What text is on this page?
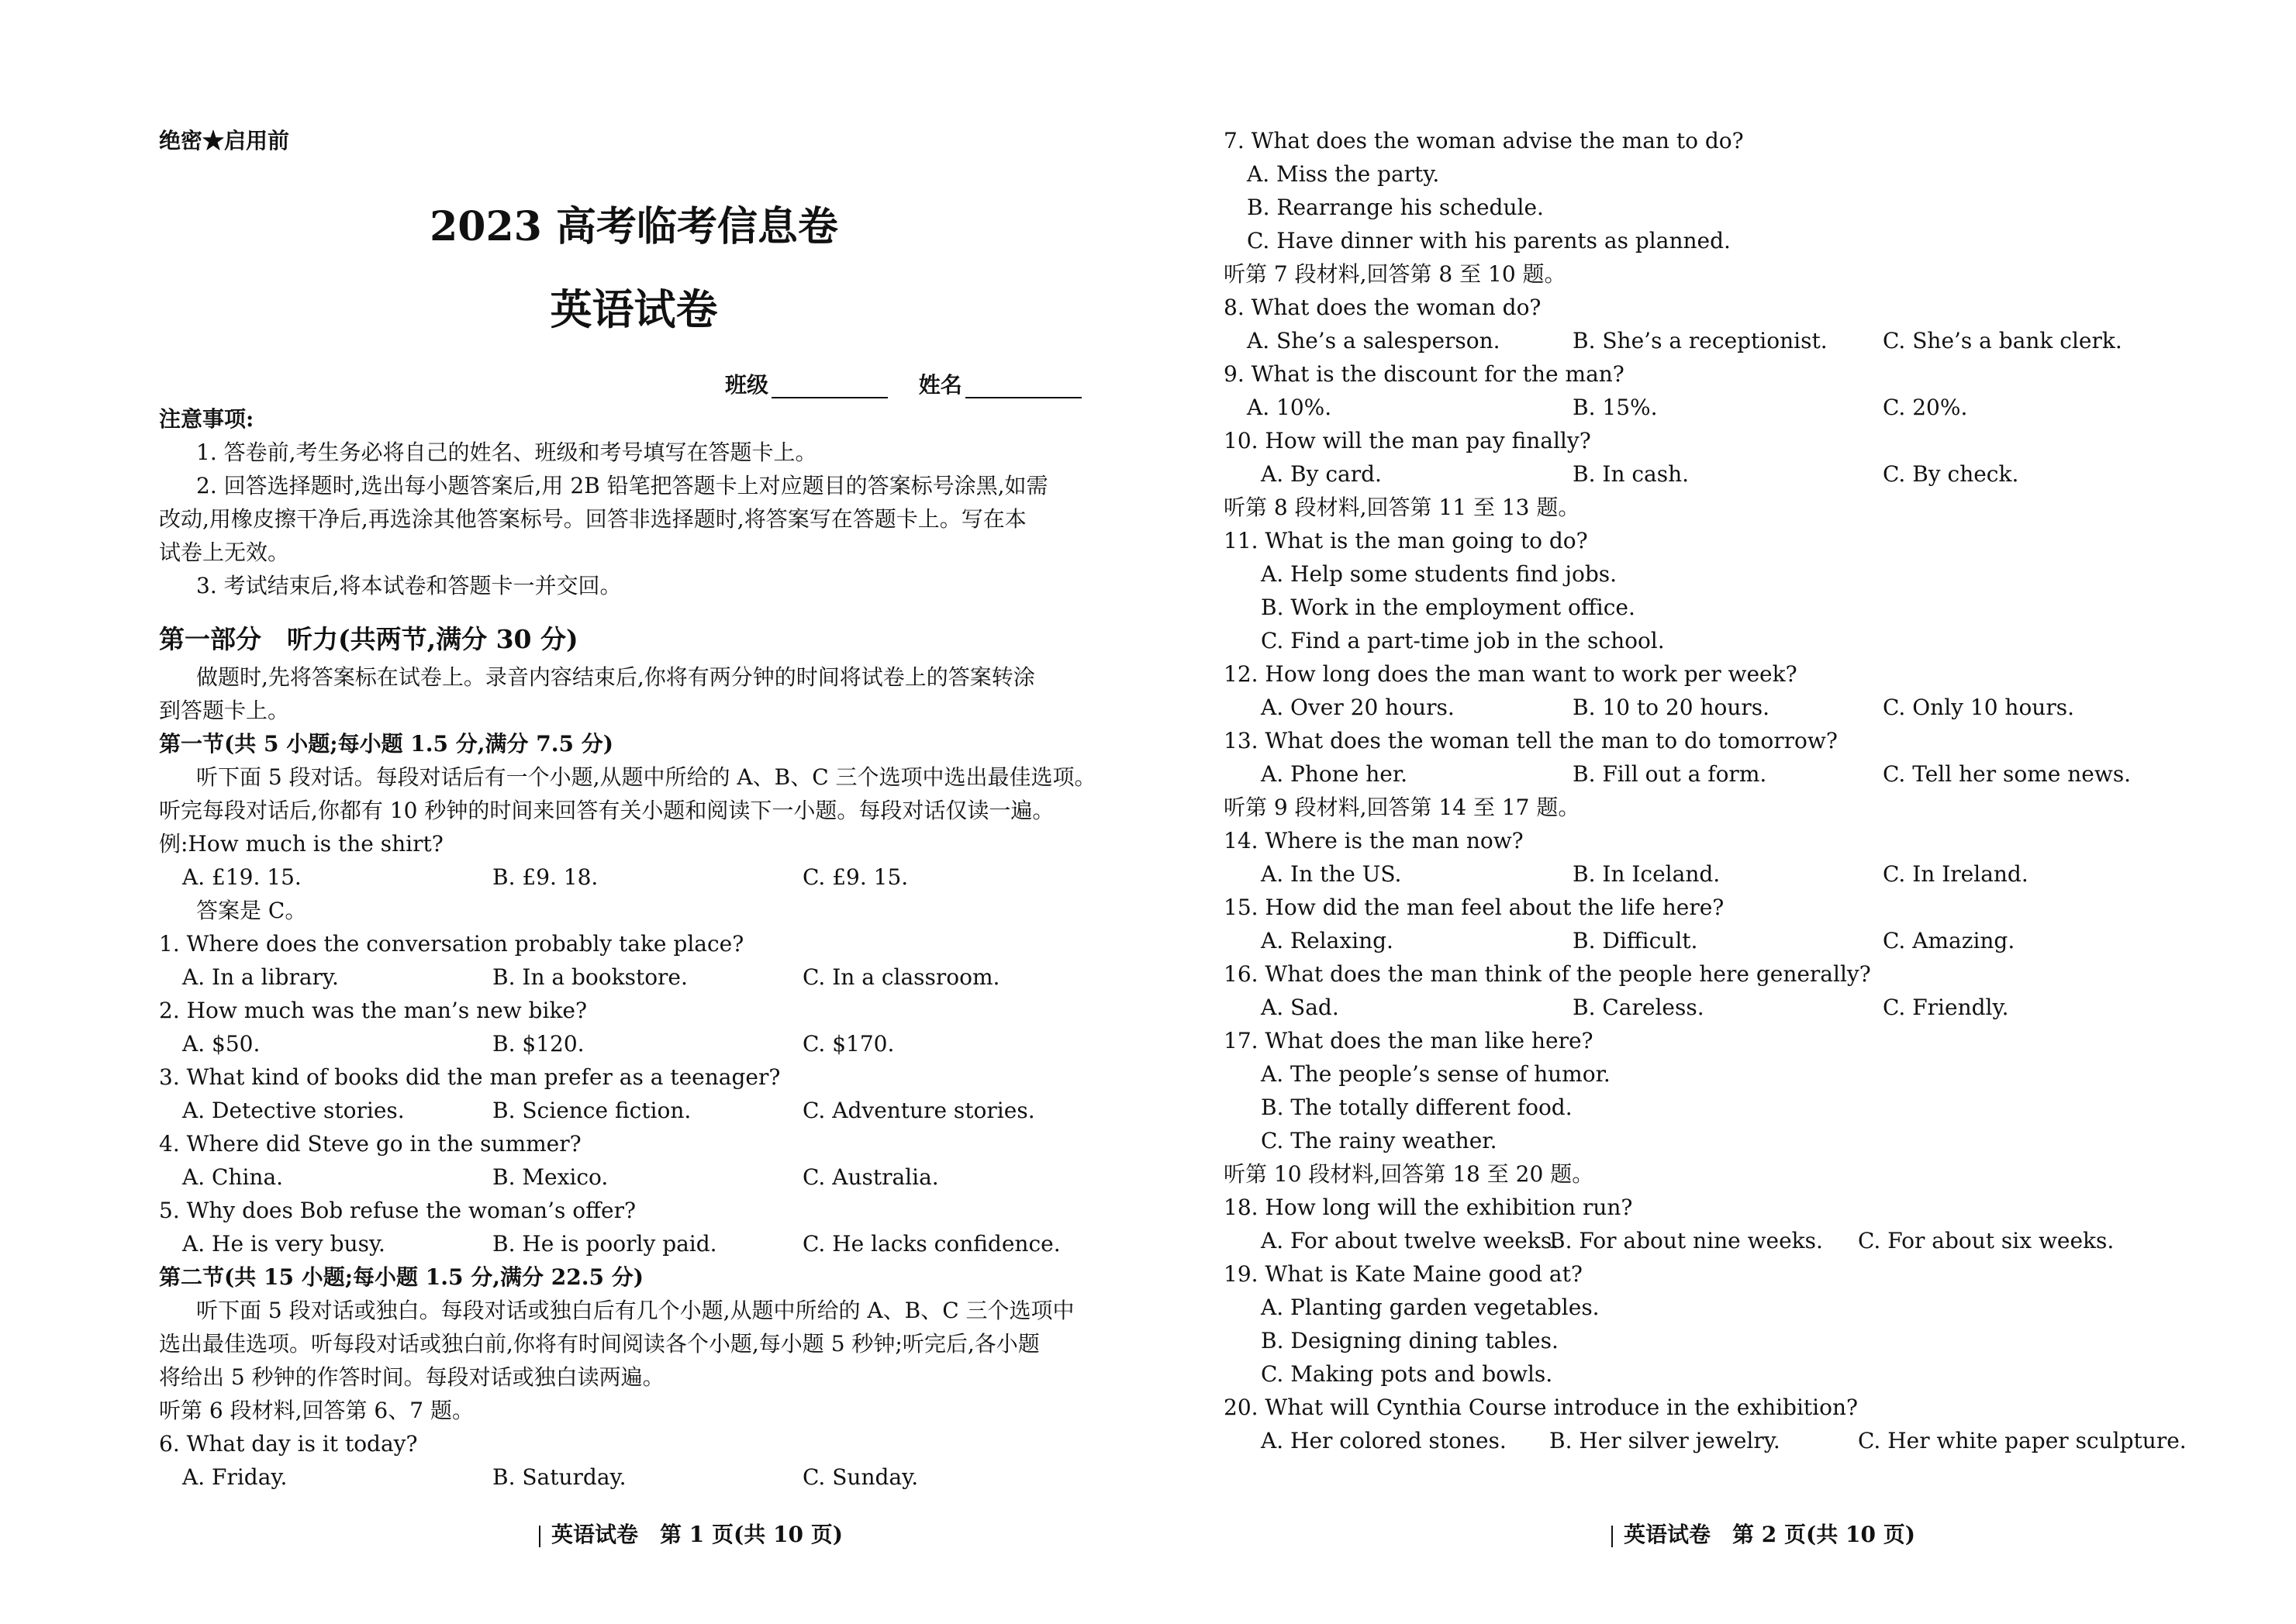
绝密★启用前
2023 高考临考信息卷
英语试卷
班级	姓名
注意事项:
1. 答卷前,考生务必将自己的姓名、班级和考号填写在答题卡上。
2. 回答选择题时,选出每小题答案后,用 2B 铅笔把答题卡上对应题目的答案标号涂黑,如需
改动,用橡皮擦干净后,再选涂其他答案标号。回答非选择题时,将答案写在答题卡上。写在本
试卷上无效。
3. 考试结束后,将本试卷和答题卡一并交回。
第一部分　听力(共两节,满分 30 分)
做题时,先将答案标在试卷上。录音内容结束后,你将有两分钟的时间将试卷上的答案转涂
到答题卡上。
第一节(共 5 小题;每小题 1.5 分,满分 7.5 分)
听下面 5 段对话。每段对话后有一个小题,从题中所给的 A、B、C 三个选项中选出最佳选项。
听完每段对话后,你都有 10 秒钟的时间来回答有关小题和阅读下一小题。每段对话仅读一遍。
例:How much is the shirt?
A. £19. 15.	B. £9. 18.	C. £9. 15.
答案是 C。
1. Where does the conversation probably take place?
A. In a library.	B. In a bookstore.	C. In a classroom.
2. How much was the man’s new bike?
A. $50.	B. $120.	C. $170.
3. What kind of books did the man prefer as a teenager?
A. Detective stories.	B. Science fiction.	C. Adventure stories.
4. Where did Steve go in the summer?
A. China.	B. Mexico.	C. Australia.
5. Why does Bob refuse the woman’s offer?
A. He is very busy.	B. He is poorly paid.	C. He lacks confidence.
第二节(共 15 小题;每小题 1.5 分,满分 22.5 分)
听下面 5 段对话或独白。每段对话或独白后有几个小题,从题中所给的 A、B、C 三个选项中
选出最佳选项。听每段对话或独白前,你将有时间阅读各个小题,每小题 5 秒钟;听完后,各小题
将给出 5 秒钟的作答时间。每段对话或独白读两遍。
听第 6 段材料,回答第 6、7 题。
6. What day is it today?
A. Friday.	B. Saturday.	C. Sunday.
英语试卷　第 1 页(共 10 页)
7. What does the woman advise the man to do?
A. Miss the party.
B. Rearrange his schedule.
C. Have dinner with his parents as planned.
听第 7 段材料,回答第 8 至 10 题。
8. What does the woman do?
A. She’s a salesperson.	B. She’s a receptionist.	C. She’s a bank clerk.
9. What is the discount for the man?
A. 10%.	B. 15%.	C. 20%.
10. How will the man pay finally?
A. By card.	B. In cash.	C. By check.
听第 8 段材料,回答第 11 至 13 题。
11. What is the man going to do?
A. Help some students find jobs.
B. Work in the employment office.
C. Find a part-time job in the school.
12. How long does the man want to work per week?
A. Over 20 hours.	B. 10 to 20 hours.	C. Only 10 hours.
13. What does the woman tell the man to do tomorrow?
A. Phone her.	B. Fill out a form.	C. Tell her some news.
听第 9 段材料,回答第 14 至 17 题。
14. Where is the man now?
A. In the US.	B. In Iceland.	C. In Ireland.
15. How did the man feel about the life here?
A. Relaxing.	B. Difficult.	C. Amazing.
16. What does the man think of the people here generally?
A. Sad.	B. Careless.	C. Friendly.
17. What does the man like here?
A. The people’s sense of humor.
B. The totally different food.
C. The rainy weather.
听第 10 段材料,回答第 18 至 20 题。
18. How long will the exhibition run?
A. For about twelve weeks.
B. For about nine weeks. C. For about six weeks.
19. What is Kate Maine good at?
A. Planting garden vegetables.
B. Designing dining tables.
C. Making pots and bowls.
20. What will Cynthia Course introduce in the exhibition?
A. Her colored stones. B. Her silver jewelry.	C. Her white paper sculpture.
英语试卷　第 2 页(共 10 页)
